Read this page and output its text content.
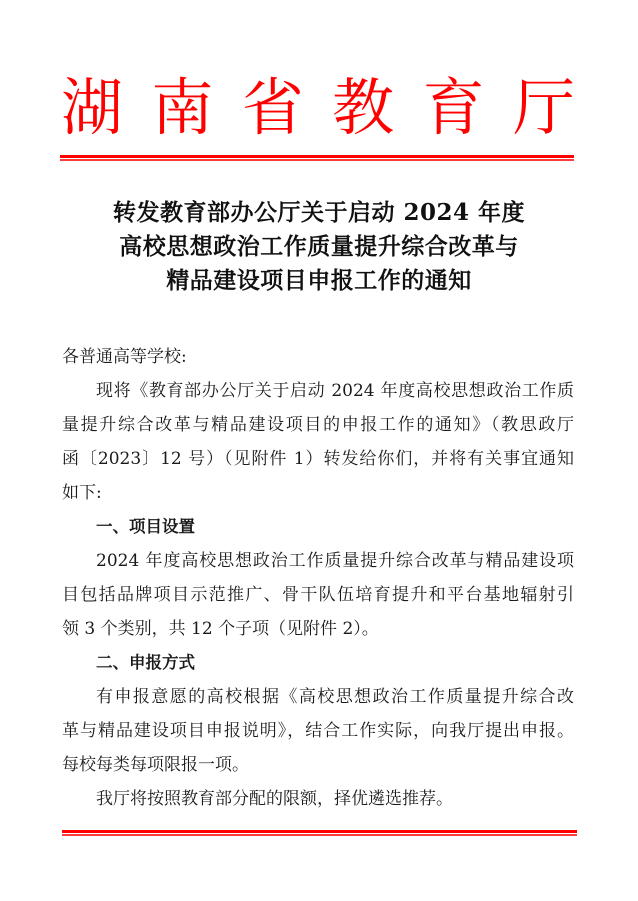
湖 南 省 教 育 厅
转发教育部办公厅关于启动 2024 年度
高校思想政治工作质量提升综合改革与
精品建设项目申报工作的通知
各普通高等学校:
现将《教育部办公厅关于启动 2024 年度高校思想政治工作质
量提升综合改革与精品建设项目的申报工作的通知》（教思政厅
函〔2023〕12 号）（见附件 1）转发给你们，并将有关事宜通知
如下:
一、项目设置
2024 年度高校思想政治工作质量提升综合改革与精品建设项
目包括品牌项目示范推广、骨干队伍培育提升和平台基地辐射引
领 3 个类别，共 12 个子项（见附件 2）。
二、申报方式
有申报意愿的高校根据《高校思想政治工作质量提升综合改
革与精品建设项目申报说明》，结合工作实际，向我厅提出申报。
每校每类每项限报一项。
我厅将按照教育部分配的限额，择优遴选推荐。
